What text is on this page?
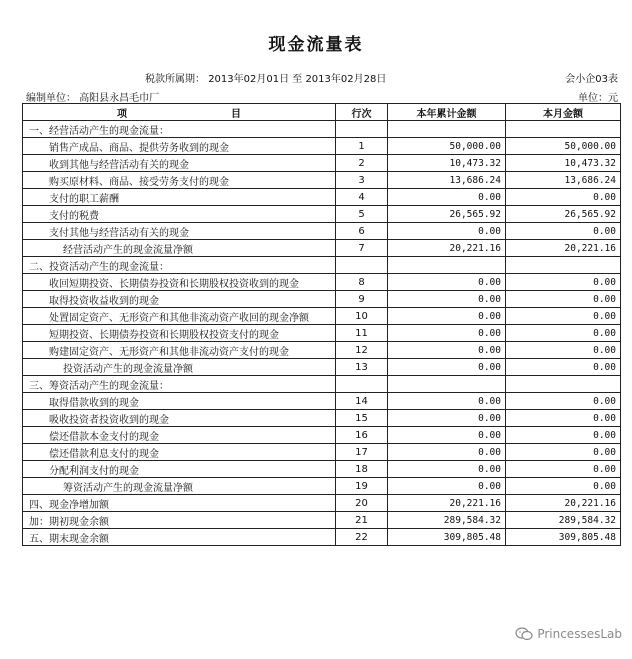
现金流量表
税款所属期： 2013年02月01日 至 2013年02月28日	会小企03表
编制单位： 高阳县永昌毛巾厂	单位：元
项 目	行次	本年累计金额	本月金额
一、经营活动产生的现金流量：			
销售产成品、商品、提供劳务收到的现金	1	50,000.00	50,000.00
收到其他与经营活动有关的现金	2	10,473.32	10,473.32
购买原材料、商品、接受劳务支付的现金	3	13,686.24	13,686.24
支付的职工薪酬	4	0.00	0.00
支付的税费	5	26,565.92	26,565.92
支付其他与经营活动有关的现金	6	0.00	0.00
经营活动产生的现金流量净额	7	20,221.16	20,221.16
二、投资活动产生的现金流量：			
收回短期投资、长期债券投资和长期股权投资收到的现金	8	0.00	0.00
取得投资收益收到的现金	9	0.00	0.00
处置固定资产、无形资产和其他非流动资产收回的现金净额	10	0.00	0.00
短期投资、长期债券投资和长期股权投资支付的现金	11	0.00	0.00
购建固定资产、无形资产和其他非流动资产支付的现金	12	0.00	0.00
投资活动产生的现金流量净额	13	0.00	0.00
三、筹资活动产生的现金流量：			
取得借款收到的现金	14	0.00	0.00
吸收投资者投资收到的现金	15	0.00	0.00
偿还借款本金支付的现金	16	0.00	0.00
偿还借款利息支付的现金	17	0.00	0.00
分配利润支付的现金	18	0.00	0.00
筹资活动产生的现金流量净额	19	0.00	0.00
四、现金净增加额	20	20,221.16	20,221.16
加：期初现金余额	21	289,584.32	289,584.32
五、期末现金余额	22	309,805.48	309,805.48
PrincessesLab
